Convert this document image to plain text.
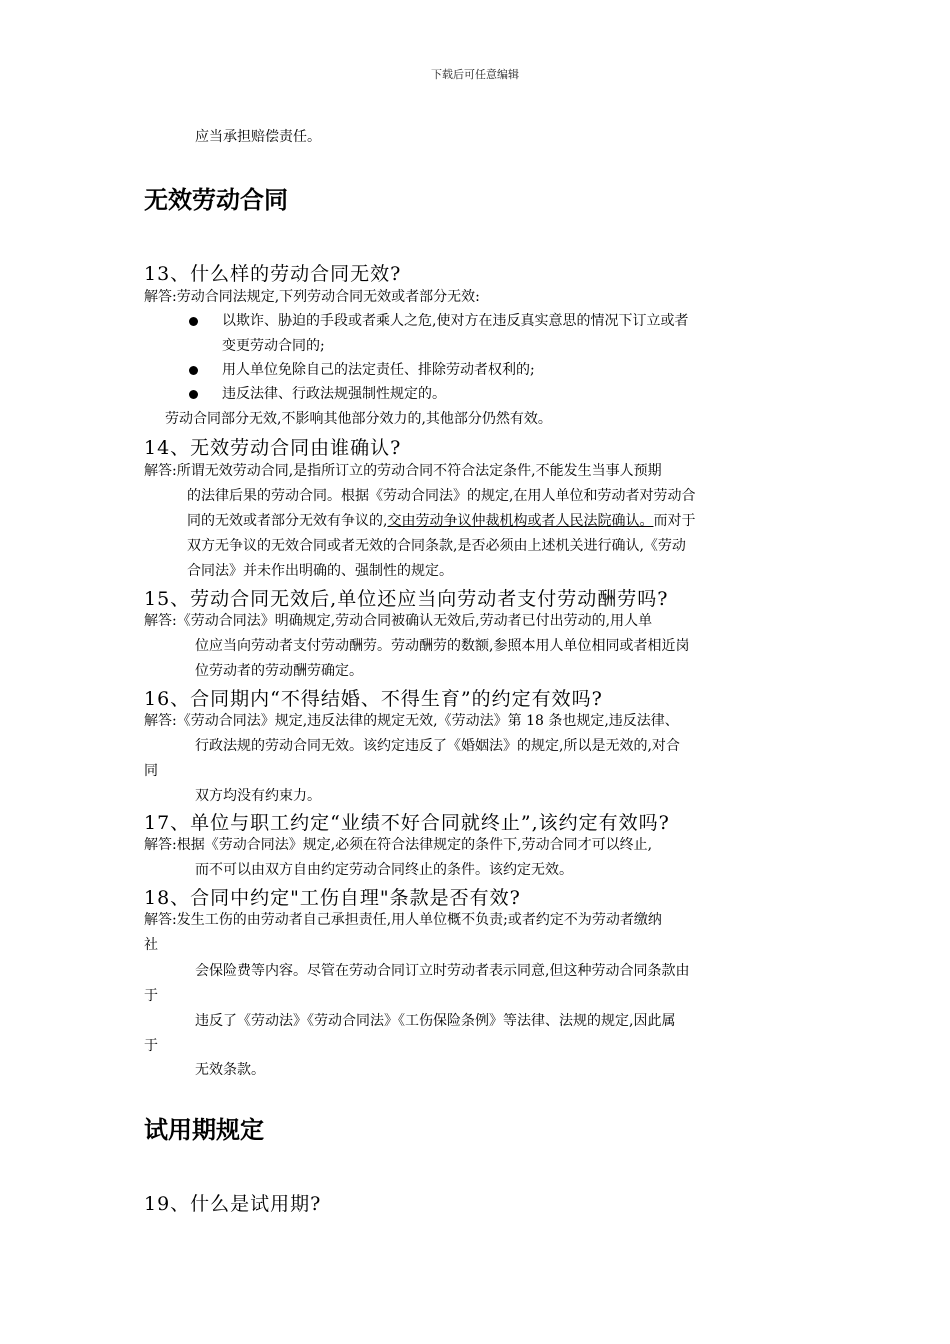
下载后可任意编辑
应当承担赔偿责任。
无效劳动合同
13、什么样的劳动合同无效?
解答:劳动合同法规定,下列劳动合同无效或者部分无效:
以欺诈、胁迫的手段或者乘人之危,使对方在违反真实意思的情况下订立或者
变更劳动合同的;
用人单位免除自己的法定责任、排除劳动者权利的;
违反法律、行政法规强制性规定的。
劳动合同部分无效,不影响其他部分效力的,其他部分仍然有效。
14、无效劳动合同由谁确认?
解答:所谓无效劳动合同,是指所订立的劳动合同不符合法定条件,不能发生当事人预期
的法律后果的劳动合同。根据《劳动合同法》的规定,在用人单位和劳动者对劳动合
同的无效或者部分无效有争议的,交由劳动争议仲裁机构或者人民法院确认。而对于
双方无争议的无效合同或者无效的合同条款,是否必须由上述机关进行确认,《劳动
合同法》并未作出明确的、强制性的规定。
15、劳动合同无效后,单位还应当向劳动者支付劳动酬劳吗?
解答:《劳动合同法》明确规定,劳动合同被确认无效后,劳动者已付出劳动的,用人单
位应当向劳动者支付劳动酬劳。劳动酬劳的数额,参照本用人单位相同或者相近岗
位劳动者的劳动酬劳确定。
16、合同期内“不得结婚、不得生育”的约定有效吗?
解答:《劳动合同法》规定,违反法律的规定无效,《劳动法》第 18 条也规定,违反法律、
行政法规的劳动合同无效。该约定违反了《婚姻法》的规定,所以是无效的,对合
同
双方均没有约束力。
17、单位与职工约定“业绩不好合同就终止”,该约定有效吗?
解答:根据《劳动合同法》规定,必须在符合法律规定的条件下,劳动合同才可以终止,
而不可以由双方自由约定劳动合同终止的条件。该约定无效。
18、合同中约定"工伤自理"条款是否有效?
解答:发生工伤的由劳动者自己承担责任,用人单位概不负责;或者约定不为劳动者缴纳
社
会保险费等内容。尽管在劳动合同订立时劳动者表示同意,但这种劳动合同条款由
于
违反了《劳动法》《劳动合同法》《工伤保险条例》等法律、法规的规定,因此属
于
无效条款。
试用期规定
19、什么是试用期?
